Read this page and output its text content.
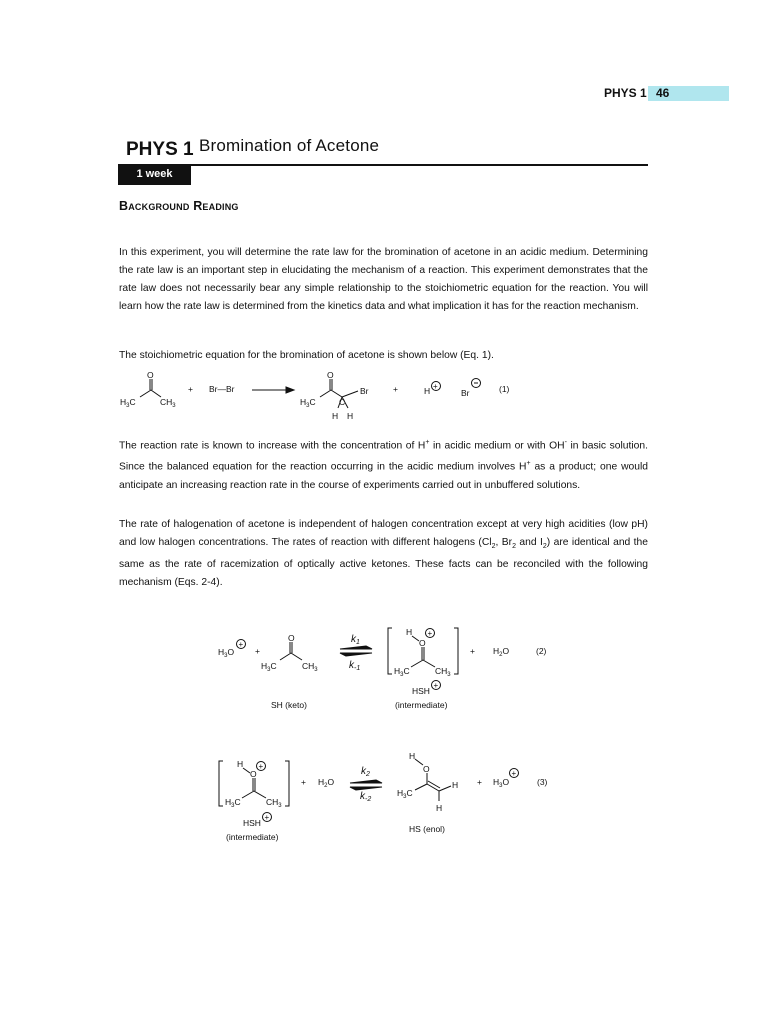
PHYS 1 46
PHYS 1 Bromination of Acetone
1 week
Background Reading
In this experiment, you will determine the rate law for the bromination of acetone in an acidic medium. Determining the rate law is an important step in elucidating the mechanism of a reaction. This experiment demonstrates that the rate law does not necessarily bear any simple relationship to the stoichiometric equation for the reaction. You will learn how the rate law is determined from the kinetics data and what implication it has for the reaction mechanism.
The stoichiometric equation for the bromination of acetone is shown below (Eq. 1).
O
$H_3C$	$CH_3$
+ Br—Br
O
$H_3C$
Br
C
H H
+	H +
Br	(1)
The reaction rate is known to increase with the concentration of H+ in acidic medium or with OH- in basic solution. Since the balanced equation for the reaction occurring in the acidic medium involves H+ as a product; one would anticipate an increasing reaction rate in the course of experiments carried out in unbuffered solutions.
The rate of halogenation of acetone is independent of halogen concentration except at very high acidities (low pH) and low halogen concentrations. The rates of reaction with different halogens ($Cl_2$, $Br_2$ and $I_2$) are identical and the same as the rate of racemization of optically active ketones. These facts can be reconciled with the following mechanism (Eqs. 2-4).
$H_3O$
+
+
O
$H_3C$	$CH_3$
$k_1$
$k_{-1}$
H
O
+
$H_3C$	$CH_3$
HSH
+
+ $H_2O$	(2)
SH (keto)	(intermediate)
H
O
+
$H_3C$	$CH_3$
HSH
+
(intermediate)
+ $H_2O$
$k_2$
$k_{-2}$
H
O
$H_3C$
H
H
HS (enol)
+ $H_3O$
+
(3)
